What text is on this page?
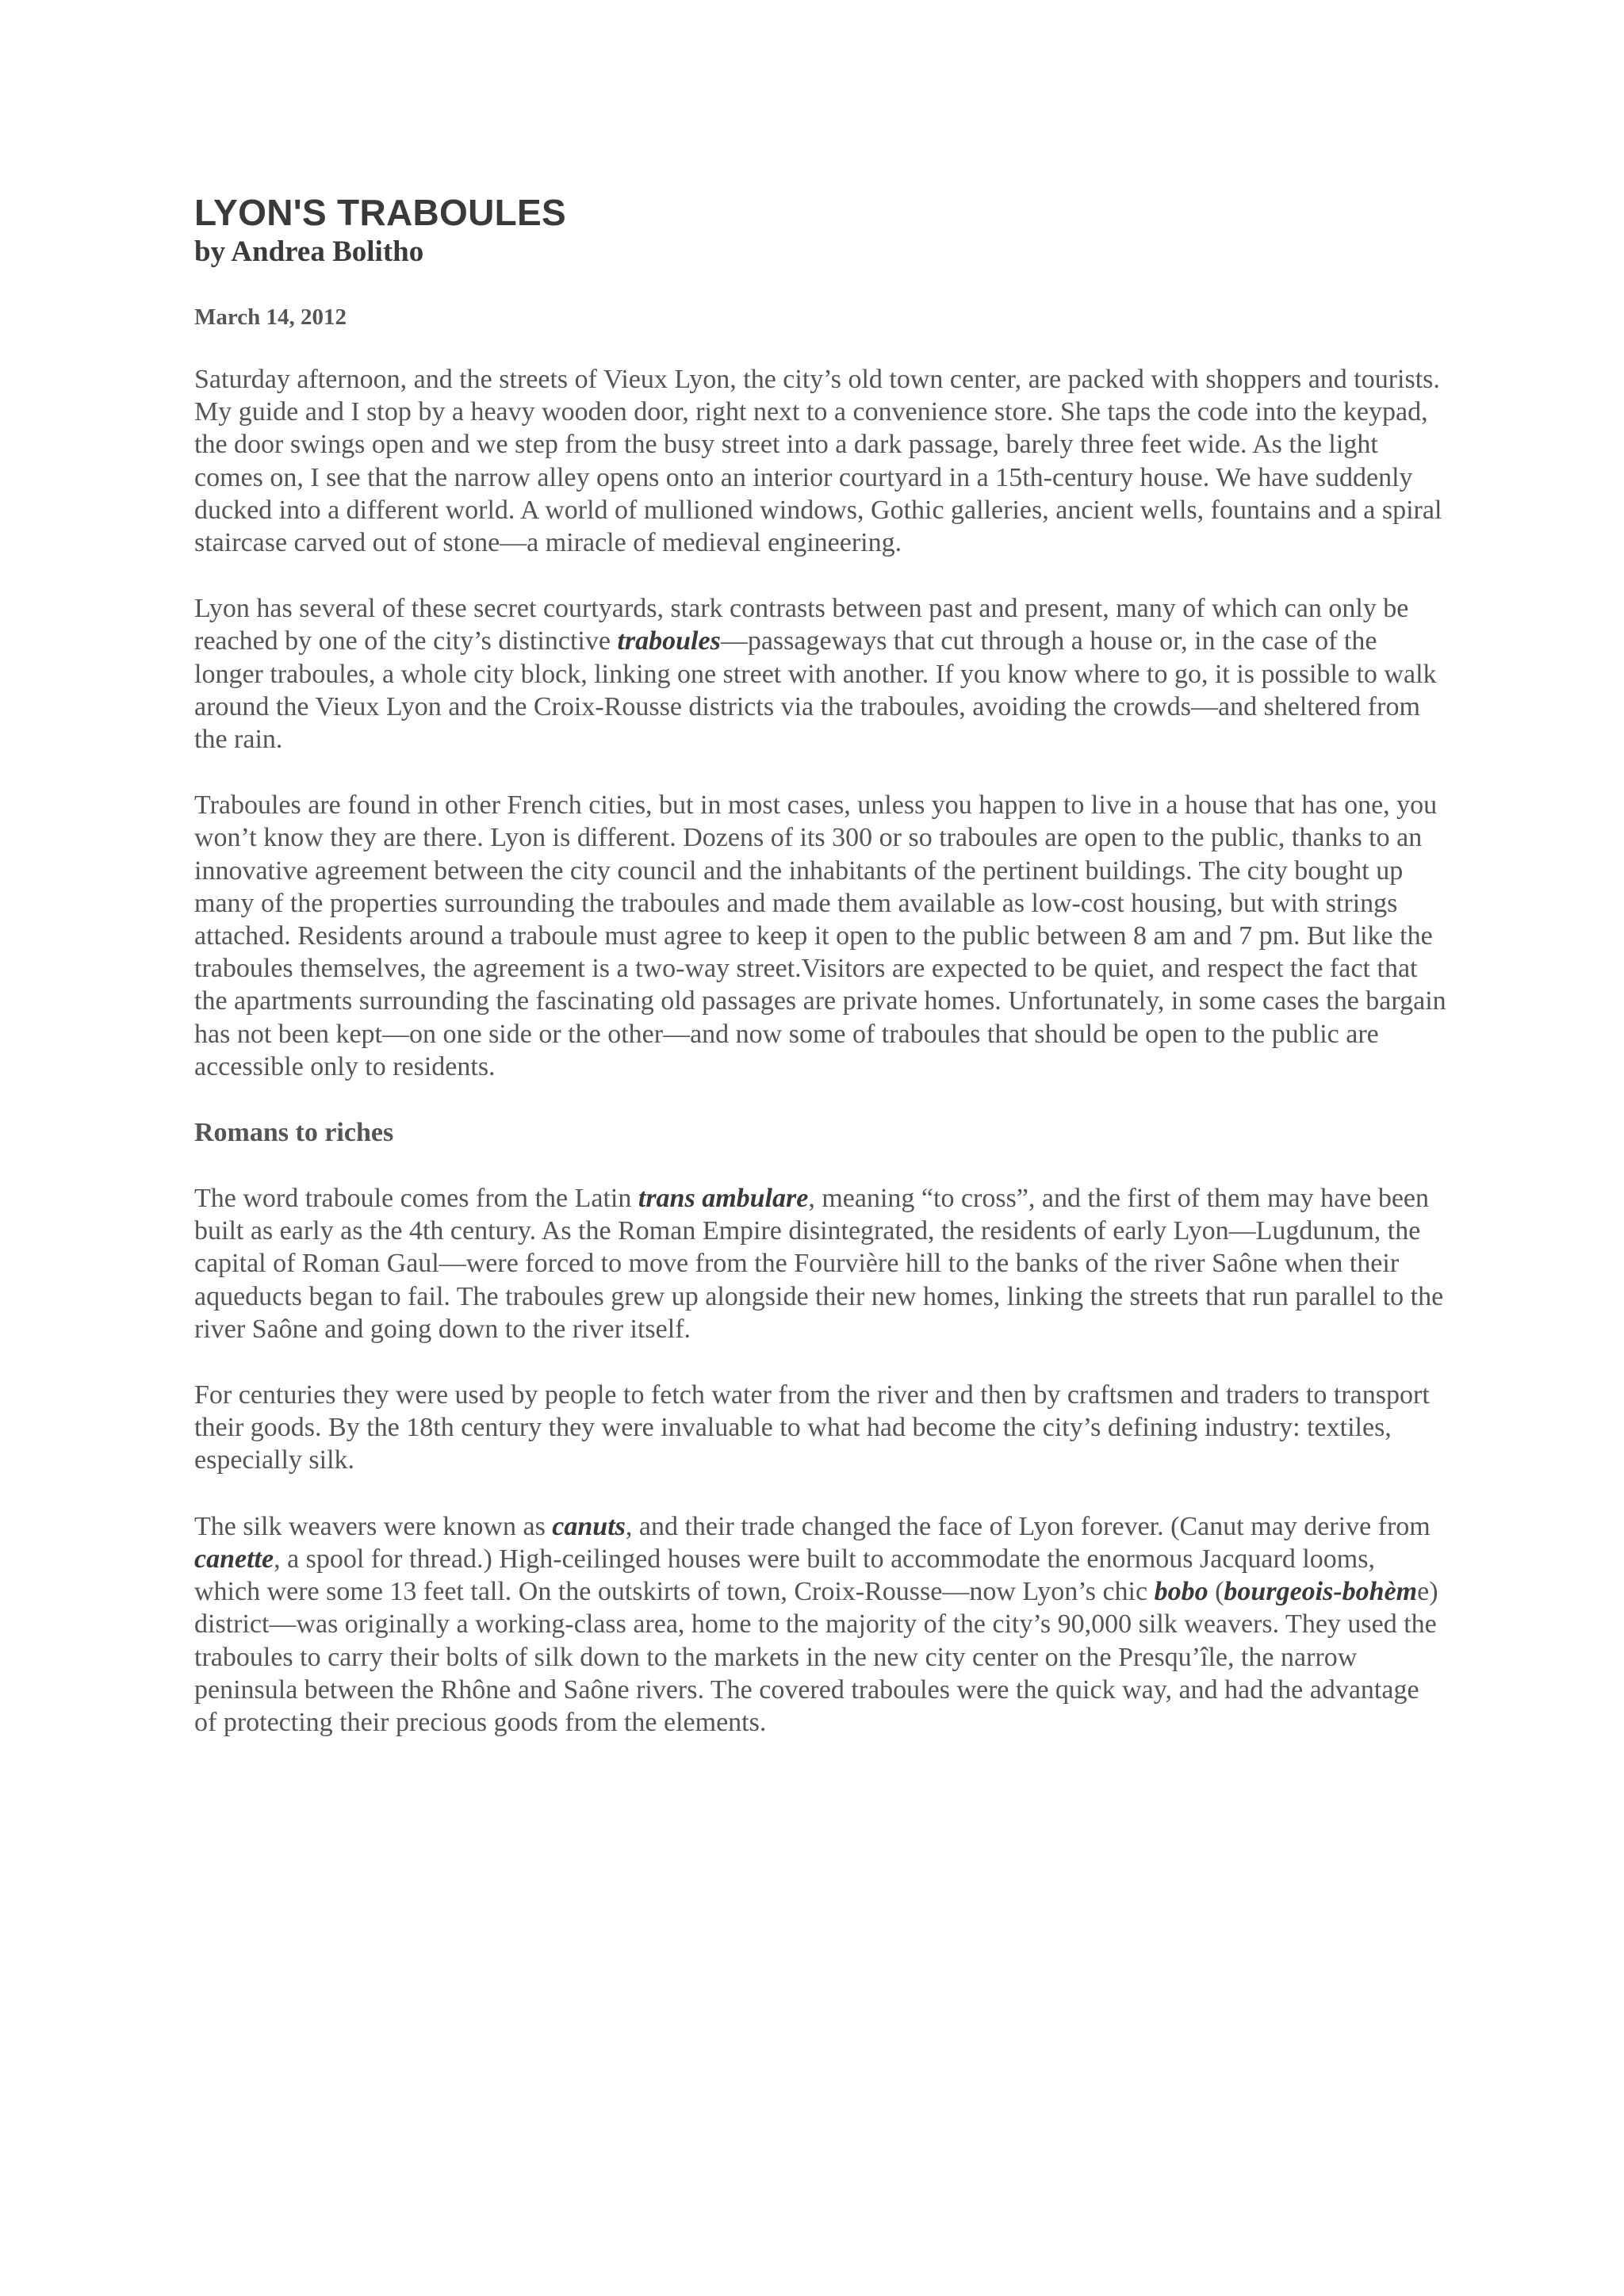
LYON'S TRABOULES
by Andrea Bolitho
March 14, 2012

Saturday afternoon, and the streets of Vieux Lyon, the city’s old town center, are packed with shoppers and tourists. My guide and I stop by a heavy wooden door, right next to a convenience store. She taps the code into the keypad, the door swings open and we step from the busy street into a dark passage, barely three feet wide. As the light comes on, I see that the narrow alley opens onto an interior courtyard in a 15th-century house. We have suddenly ducked into a different world. A world of mullioned windows, Gothic galleries, ancient wells, fountains and a spiral staircase carved out of stone—a miracle of medieval engineering.

Lyon has several of these secret courtyards, stark contrasts between past and present, many of which can only be reached by one of the city’s distinctive traboules—passageways that cut through a house or, in the case of the longer traboules, a whole city block, linking one street with another. If you know where to go, it is possible to walk around the Vieux Lyon and the Croix-Rousse districts via the traboules, avoiding the crowds—and sheltered from the rain.

Traboules are found in other French cities, but in most cases, unless you happen to live in a house that has one, you won’t know they are there. Lyon is different. Dozens of its 300 or so traboules are open to the public, thanks to an innovative agreement between the city council and the inhabitants of the pertinent buildings. The city bought up many of the properties surrounding the traboules and made them available as low-cost housing, but with strings attached. Residents around a traboule must agree to keep it open to the public between 8 am and 7 pm. But like the traboules themselves, the agreement is a two-way street.Visitors are expected to be quiet, and respect the fact that the apartments surrounding the fascinating old passages are private homes. Unfortunately, in some cases the bargain has not been kept—on one side or the other—and now some of traboules that should be open to the public are accessible only to residents.

Romans to riches

The word traboule comes from the Latin trans ambulare, meaning “to cross”, and the first of them may have been built as early as the 4th century. As the Roman Empire disintegrated, the residents of early Lyon—Lugdunum, the capital of Roman Gaul—were forced to move from the Fourvière hill to the banks of the river Saône when their aqueducts began to fail. The traboules grew up alongside their new homes, linking the streets that run parallel to the river Saône and going down to the river itself.

For centuries they were used by people to fetch water from the river and then by craftsmen and traders to transport their goods. By the 18th century they were invaluable to what had become the city’s defining industry: textiles, especially silk.

The silk weavers were known as canuts, and their trade changed the face of Lyon forever. (Canut may derive from canette, a spool for thread.) High-ceilinged houses were built to accommodate the enormous Jacquard looms, which were some 13 feet tall. On the outskirts of town, Croix-Rousse—now Lyon’s chic bobo (bourgeois-bohème) district—was originally a working-class area, home to the majority of the city’s 90,000 silk weavers. They used the traboules to carry their bolts of silk down to the markets in the new city center on the Presqu’île, the narrow peninsula between the Rhône and Saône rivers. The covered traboules were the quick way, and had the advantage of protecting their precious goods from the elements.
